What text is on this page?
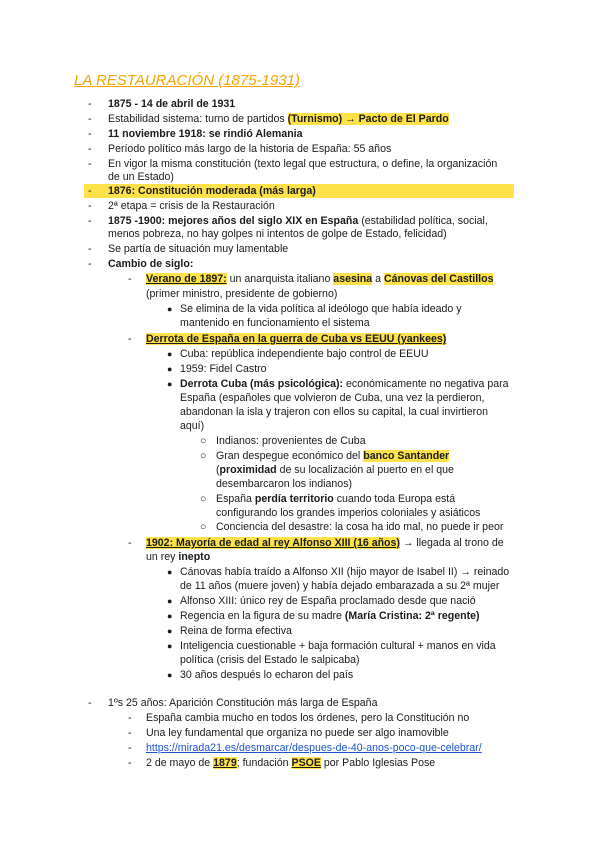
LA RESTAURACIÓN (1875-1931)
- 1875 - 14 de abril de 1931
- Estabilidad sistema: turno de partidos (Turnismo) → Pacto de El Pardo
- 11 noviembre 1918: se rindió Alemania
- Período político más largo de la historia de España: 55 años
- En vigor la misma constitución (texto legal que estructura, o define, la organización
de un Estado)
- 1876: Constitución moderada (más larga)
- 2ª etapa = crisis de la Restauración
- 1875 -1900: mejores años del siglo XIX en España (estabilidad política, social,
menos pobreza, no hay golpes ni intentos de golpe de Estado, felicidad)
- Se partía de situación muy lamentable
- Cambio de siglo:
- Verano de 1897: un anarquista italiano asesina a Cánovas del Castillos
(primer ministro, presidente de gobierno)
● Se elimina de la vida política al ideólogo que había ideado y
mantenido en funcionamiento el sistema
- Derrota de España en la guerra de Cuba vs EEUU (yankees)
● Cuba: república independiente bajo control de EEUU
● 1959: Fidel Castro
● Derrota Cuba (más psicológica): económicamente no negativa para
España (españoles que volvieron de Cuba, una vez la perdieron,
abandonan la isla y trajeron con ellos su capital, la cual invirtieron
aquí)
○ Indianos: provenientes de Cuba
○ Gran despegue económico del banco Santander
(proximidad de su localización al puerto en el que
desembarcaron los indianos)
○ España perdía territorio cuando toda Europa está
configurando los grandes imperios coloniales y asiáticos
○ Conciencia del desastre: la cosa ha ido mal, no puede ir peor
- 1902: Mayoría de edad al rey Alfonso XIII (16 años) → llegada al trono de
un rey inepto
● Cánovas había traído a Alfonso XII (hijo mayor de Isabel II) → reinado
de 11 años (muere joven) y había dejado embarazada a su 2ª mujer
● Alfonso XIII: único rey de España proclamado desde que nació
● Regencia en la figura de su madre (María Cristina: 2ª regente)
● Reina de forma efectiva
● Inteligencia cuestionable + baja formación cultural + manos en vida
política (crisis del Estado le salpicaba)
● 30 años después lo echaron del país
- 1ºs 25 años: Aparición Constitución más larga de España
- España cambia mucho en todos los órdenes, pero la Constitución no
- Una ley fundamental que organiza no puede ser algo inamovible
- https://mirada21.es/desmarcar/despues-de-40-anos-poco-que-celebrar/
- 2 de mayo de 1879; fundación PSOE por Pablo Iglesias Pose
